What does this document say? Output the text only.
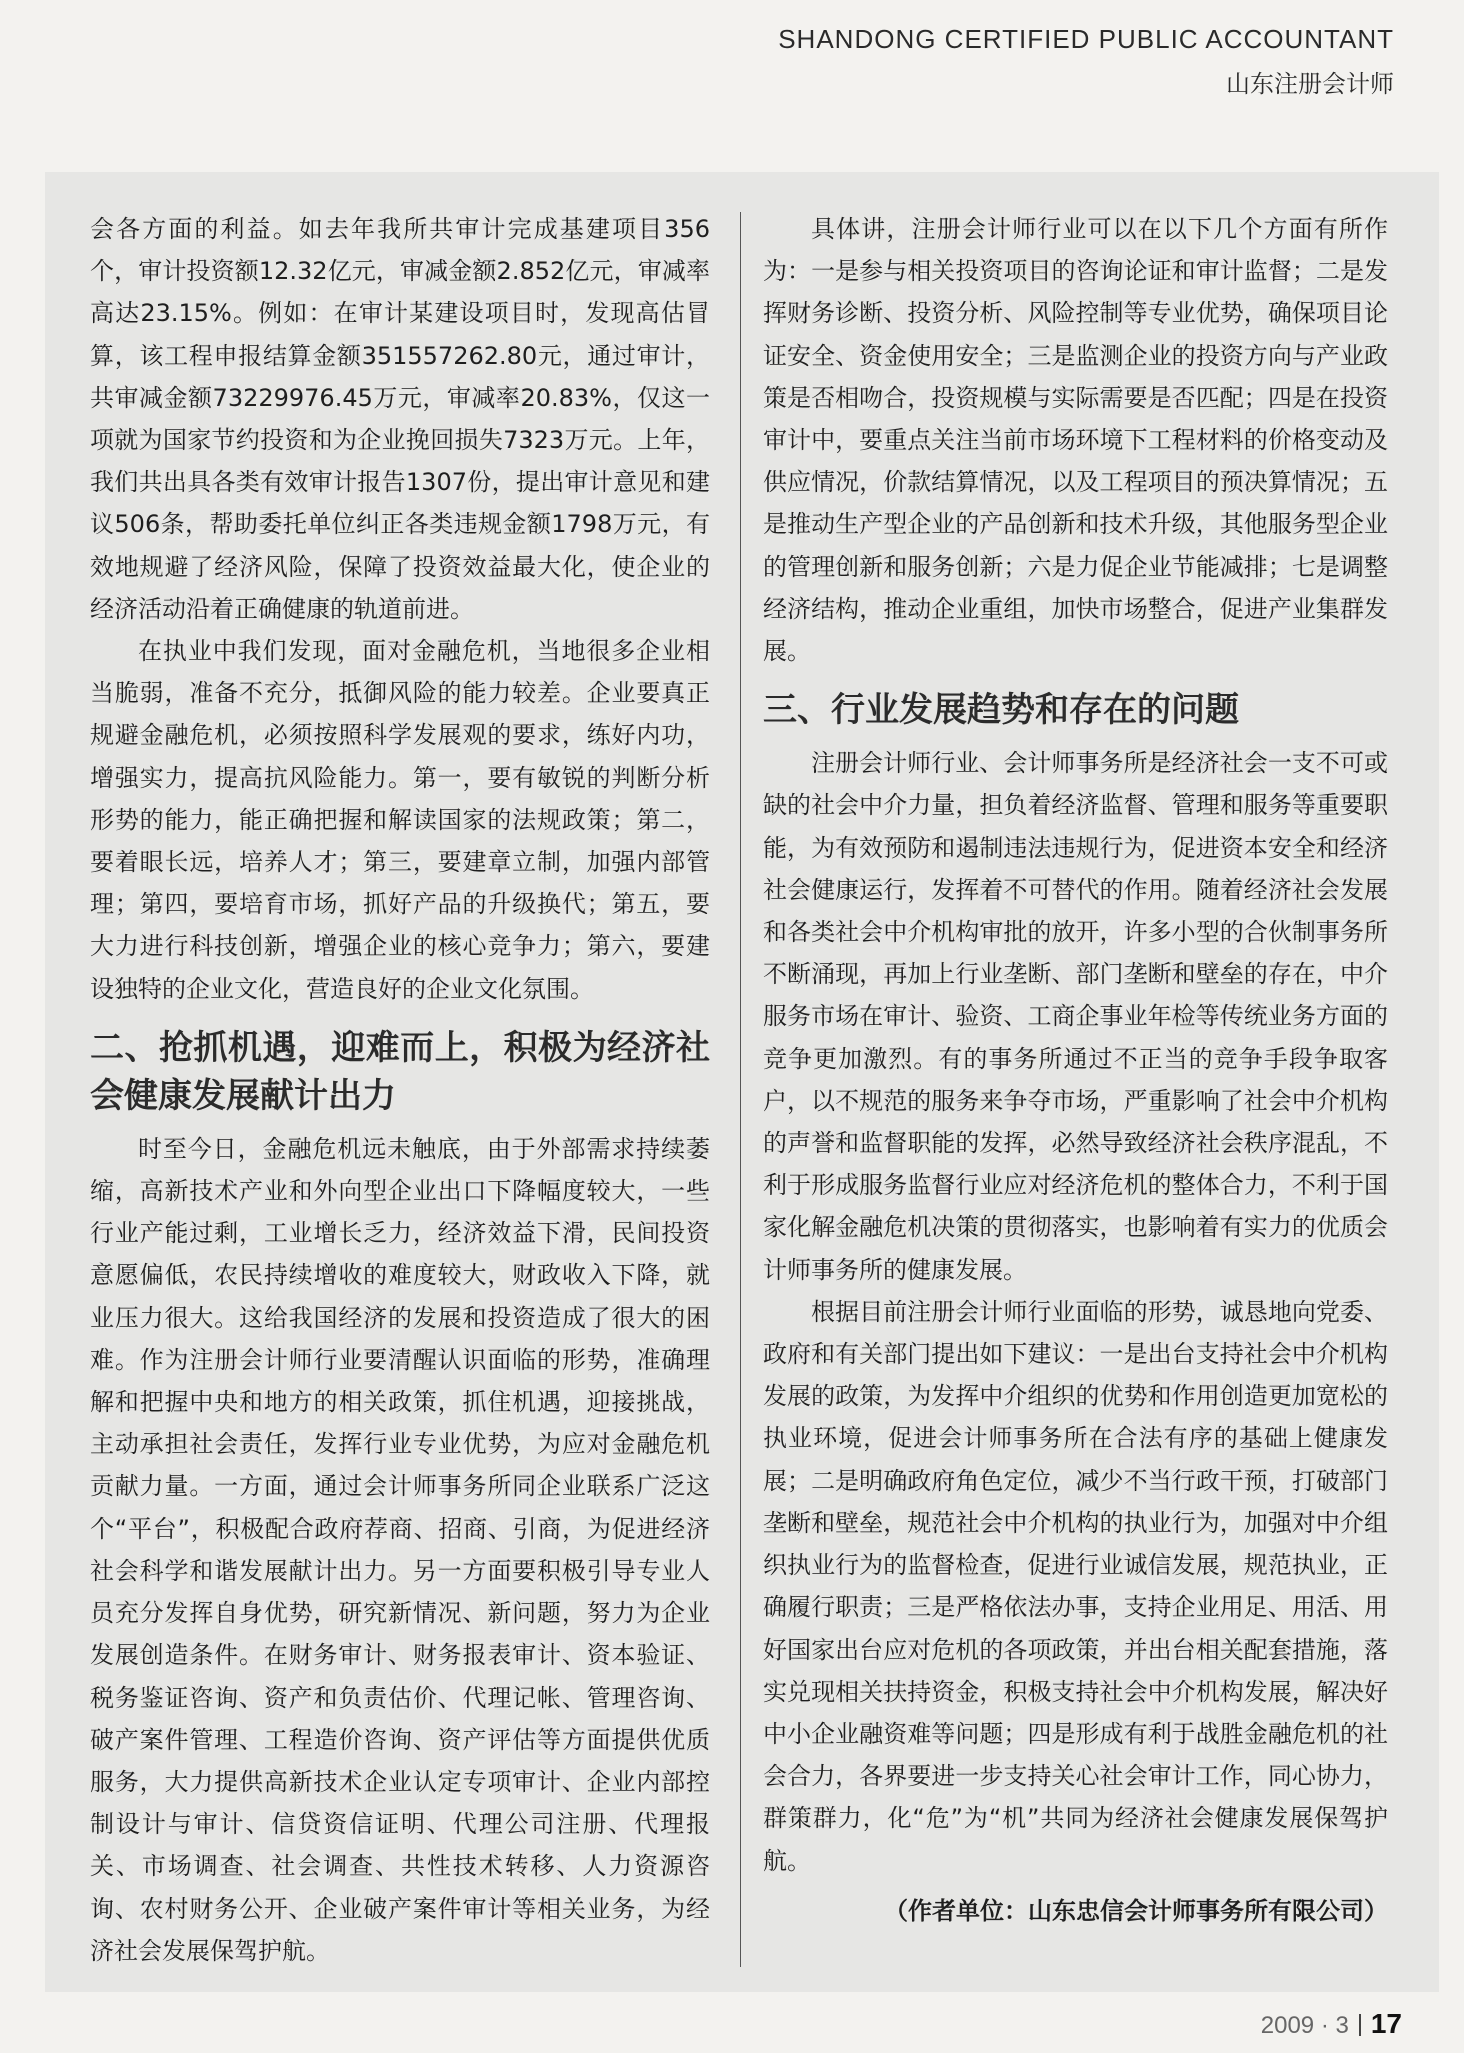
SHANDONG CERTIFIED PUBLIC ACCOUNTANT
山东注册会计师

会各方面的利益。如去年我所共审计完成基建项目356个，审计投资额12.32亿元，审减金额2.852亿元，审减率高达23.15%。例如：在审计某建设项目时，发现高估冒算，该工程申报结算金额351557262.80元，通过审计，共审减金额73229976.45万元，审减率20.83%，仅这一项就为国家节约投资和为企业挽回损失7323万元。上年，我们共出具各类有效审计报告1307份，提出审计意见和建议506条，帮助委托单位纠正各类违规金额1798万元，有效地规避了经济风险，保障了投资效益最大化，使企业的经济活动沿着正确健康的轨道前进。

在执业中我们发现，面对金融危机，当地很多企业相当脆弱，准备不充分，抵御风险的能力较差。企业要真正规避金融危机，必须按照科学发展观的要求，练好内功，增强实力，提高抗风险能力。第一，要有敏锐的判断分析形势的能力，能正确把握和解读国家的法规政策；第二，要着眼长远，培养人才；第三，要建章立制，加强内部管理；第四，要培育市场，抓好产品的升级换代；第五，要大力进行科技创新，增强企业的核心竞争力；第六，要建设独特的企业文化，营造良好的企业文化氛围。

二、抢抓机遇，迎难而上，积极为经济社会健康发展献计出力

时至今日，金融危机远未触底，由于外部需求持续萎缩，高新技术产业和外向型企业出口下降幅度较大，一些行业产能过剩，工业增长乏力，经济效益下滑，民间投资意愿偏低，农民持续增收的难度较大，财政收入下降，就业压力很大。这给我国经济的发展和投资造成了很大的困难。作为注册会计师行业要清醒认识面临的形势，准确理解和把握中央和地方的相关政策，抓住机遇，迎接挑战，主动承担社会责任，发挥行业专业优势，为应对金融危机贡献力量。一方面，通过会计师事务所同企业联系广泛这个“平台”，积极配合政府荐商、招商、引商，为促进经济社会科学和谐发展献计出力。另一方面要积极引导专业人员充分发挥自身优势，研究新情况、新问题，努力为企业发展创造条件。在财务审计、财务报表审计、资本验证、税务鉴证咨询、资产和负责估价、代理记帐、管理咨询、破产案件管理、工程造价咨询、资产评估等方面提供优质服务，大力提供高新技术企业认定专项审计、企业内部控制设计与审计、信贷资信证明、代理公司注册、代理报关、市场调查、社会调查、共性技术转移、人力资源咨询、农村财务公开、企业破产案件审计等相关业务，为经济社会发展保驾护航。

具体讲，注册会计师行业可以在以下几个方面有所作为：一是参与相关投资项目的咨询论证和审计监督；二是发挥财务诊断、投资分析、风险控制等专业优势，确保项目论证安全、资金使用安全；三是监测企业的投资方向与产业政策是否相吻合，投资规模与实际需要是否匹配；四是在投资审计中，要重点关注当前市场环境下工程材料的价格变动及供应情况，价款结算情况，以及工程项目的预决算情况；五是推动生产型企业的产品创新和技术升级，其他服务型企业的管理创新和服务创新；六是力促企业节能减排；七是调整经济结构，推动企业重组，加快市场整合，促进产业集群发展。

三、行业发展趋势和存在的问题

注册会计师行业、会计师事务所是经济社会一支不可或缺的社会中介力量，担负着经济监督、管理和服务等重要职能，为有效预防和遏制违法违规行为，促进资本安全和经济社会健康运行，发挥着不可替代的作用。随着经济社会发展和各类社会中介机构审批的放开，许多小型的合伙制事务所不断涌现，再加上行业垄断、部门垄断和壁垒的存在，中介服务市场在审计、验资、工商企事业年检等传统业务方面的竞争更加激烈。有的事务所通过不正当的竞争手段争取客户，以不规范的服务来争夺市场，严重影响了社会中介机构的声誉和监督职能的发挥，必然导致经济社会秩序混乱，不利于形成服务监督行业应对经济危机的整体合力，不利于国家化解金融危机决策的贯彻落实，也影响着有实力的优质会计师事务所的健康发展。

根据目前注册会计师行业面临的形势，诚恳地向党委、政府和有关部门提出如下建议：一是出台支持社会中介机构发展的政策，为发挥中介组织的优势和作用创造更加宽松的执业环境，促进会计师事务所在合法有序的基础上健康发展；二是明确政府角色定位，减少不当行政干预，打破部门垄断和壁垒，规范社会中介机构的执业行为，加强对中介组织执业行为的监督检查，促进行业诚信发展，规范执业，正确履行职责；三是严格依法办事，支持企业用足、用活、用好国家出台应对危机的各项政策，并出台相关配套措施，落实兑现相关扶持资金，积极支持社会中介机构发展，解决好中小企业融资难等问题；四是形成有利于战胜金融危机的社会合力，各界要进一步支持关心社会审计工作，同心协力，群策群力，化“危”为“机”共同为经济社会健康发展保驾护航。

（作者单位：山东忠信会计师事务所有限公司）
2009 · 3 17
